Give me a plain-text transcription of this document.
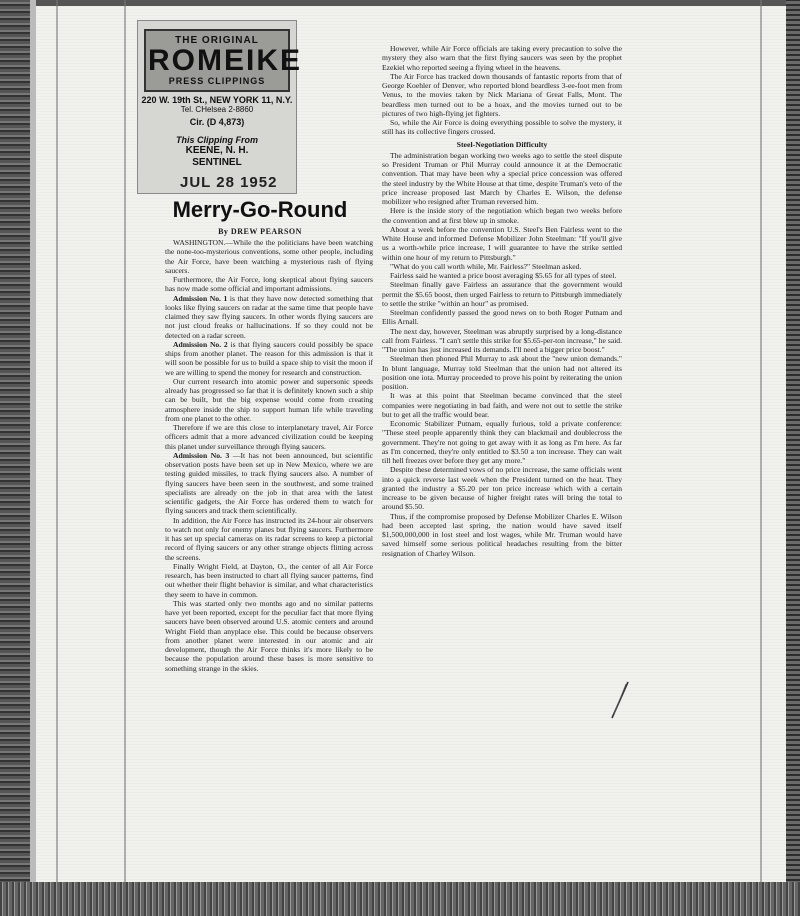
THE ORIGINAL
ROMEIKE
PRESS CLIPPINGS
220 W. 19th St., NEW YORK 11, N.Y.
Tel. CHelsea 2-8860
Cir. (D 4,873)
This Clipping From
KEENE, N. H.
SENTINEL
JUL 28 1952
Merry-Go-Round
By DREW PEARSON

WASHINGTON.—While the the politicians have been watching the none-too-mysterious conventions, some other people, including the Air Force, have been watching a mysterious rash of flying saucers.

Furthermore, the Air Force, long skeptical about flying saucers has now made some official and important admissions.

Admission No. 1 is that they have now detected something that looks like flying saucers on radar at the same time that people have claimed they saw flying saucers. In other words flying saucers are not just cloud freaks or hallucinations. If so they could not be detected on a radar screen.

Admission No. 2 is that flying saucers could possibly be space ships from another planet. The reason for this admission is that it will soon be possible for us to build a space ship to visit the moon if we are willing to spend the money for research and construction.

Our current research into atomic power and supersonic speeds already has progressed so far that it is definitely known such a ship can be built, but the big expense would come from creating atmosphere inside the ship to support human life while traveling from one planet to the other.

Therefore if we are this close to interplanetary travel, Air Force officers admit that a more advanced civilization could be keeping this planet under surveillance through flying saucers.

Admission No. 3 —It has not been announced, but scientific observation posts have been set up in New Mexico, where we are testing guided missiles, to track flying saucers also. A number of flying saucers have been seen in the southwest, and some trained specialists are already on the job in that area with the latest scientific gadgets, the Air Force has ordered them to watch for flying saucers and track them scientifically.

In addition, the Air Force has instructed its 24-hour air observers to watch not only for enemy planes but flying saucers. Furthermore it has set up special cameras on its radar screens to keep a pictorial record of flying saucers or any other strange objects flitting across the screens.

Finally Wright Field, at Dayton, O., the center of all Air Force research, has been instructed to chart all flying saucer patterns, find out whether their flight behavior is similar, and what characteristics they seem to have in common.

This was started only two months ago and no similar patterns have yet been reported, except for the peculiar fact that more flying saucers have been observed around U.S. atomic centers and around Wright Field than anyplace else. This could be because observers from another planet were interested in our atomic and air development, though the Air Force thinks it's more likely to be because the population around these bases is more sensitive to something strange in the skies.

However, while Air Force officials are taking every precaution to solve the mystery they also warn that the first flying saucers was seen by the prophet Ezekiel who reported seeing a flying wheel in the heavens.

The Air Force has tracked down thousands of fantastic reports from that of George Koehler of Denver, who reported blond beardless 3-ee-foot men from Venus, to the movies taken by Nick Mariana of Great Falls, Mont. The beardless men turned out to be a hoax, and the movies turned out to be pictures of two high-flying jet fighters.

So, while the Air Force is doing everything possible to solve the mystery, it still has its collective fingers crossed.

Steel-Negotiation Difficulty

The administration began working two weeks ago to settle the steel dispute so President Truman or Phil Murray could announce it at the Democratic convention. That may have been why a special price concession was offered the steel industry by the White House at that time, despite Truman's veto of the price increase proposed last March by Charles E. Wilson, the defense mobilizer who resigned after Truman reversed him.

Here is the inside story of the negotiation which began two weeks before the convention and at first blew up in smoke.

About a week before the convention U.S. Steel's Ben Fairless went to the White House and informed Defense Mobilizer John Steelman: "If you'll give us a worth-while price increase, I will guarantee to have the strike settled within one hour of my return to Pittsburgh."

"What do you call worth while, Mr. Fairless?" Steelman asked.

Fairless said he wanted a price boost averaging $5.65 for all types of steel.

Steelman finally gave Fairless an assurance that the government would permit the $5.65 boost, then urged Fairless to return to Pittsburgh immediately to settle the strike "within an hour" as promised.

Steelman confidently passed the good news on to both Roger Putnam and Ellis Arnall.

The next day, however, Steelman was abruptly surprised by a long-distance call from Fairless. "I can't settle this strike for $5.65-per-ton increase," he said. "The union has just increased its demands. I'll need a bigger price boost."

Steelman then phoned Phil Murray to ask about the "new union demands." In blunt language, Murray told Steelman that the union had not altered its position one iota. Murray proceeded to prove his point by reiterating the union position.

It was at this point that Steelman became convinced that the steel companies were negotiating in bad faith, and were not out to settle the strike but to get all the traffic would bear.

Economic Stabilizer Putnam, equally furious, told a private conference: "These steel people apparently think they can blackmail and doublecross the government. They're not going to get away with it as long as I'm here. As far as I'm concerned, they're only entitled to $3.50 a ton increase. They can wait till hell freezes over before they get any more."

Despite these determined vows of no price increase, the same officials went into a quick reverse last week when the President turned on the heat. They granted the industry a $5.20 per ton price increase which with a certain increase to be given because of higher freight rates will bring the total to around $5.50.

Thus, if the compromise proposed by Defense Mobilizer Charles E. Wilson had been accepted last spring, the nation would have saved itself $1,500,000,000 in lost steel and lost wages, while Mr. Truman would have saved himself some serious political headaches resulting from the bitter resignation of Charley Wilson.
